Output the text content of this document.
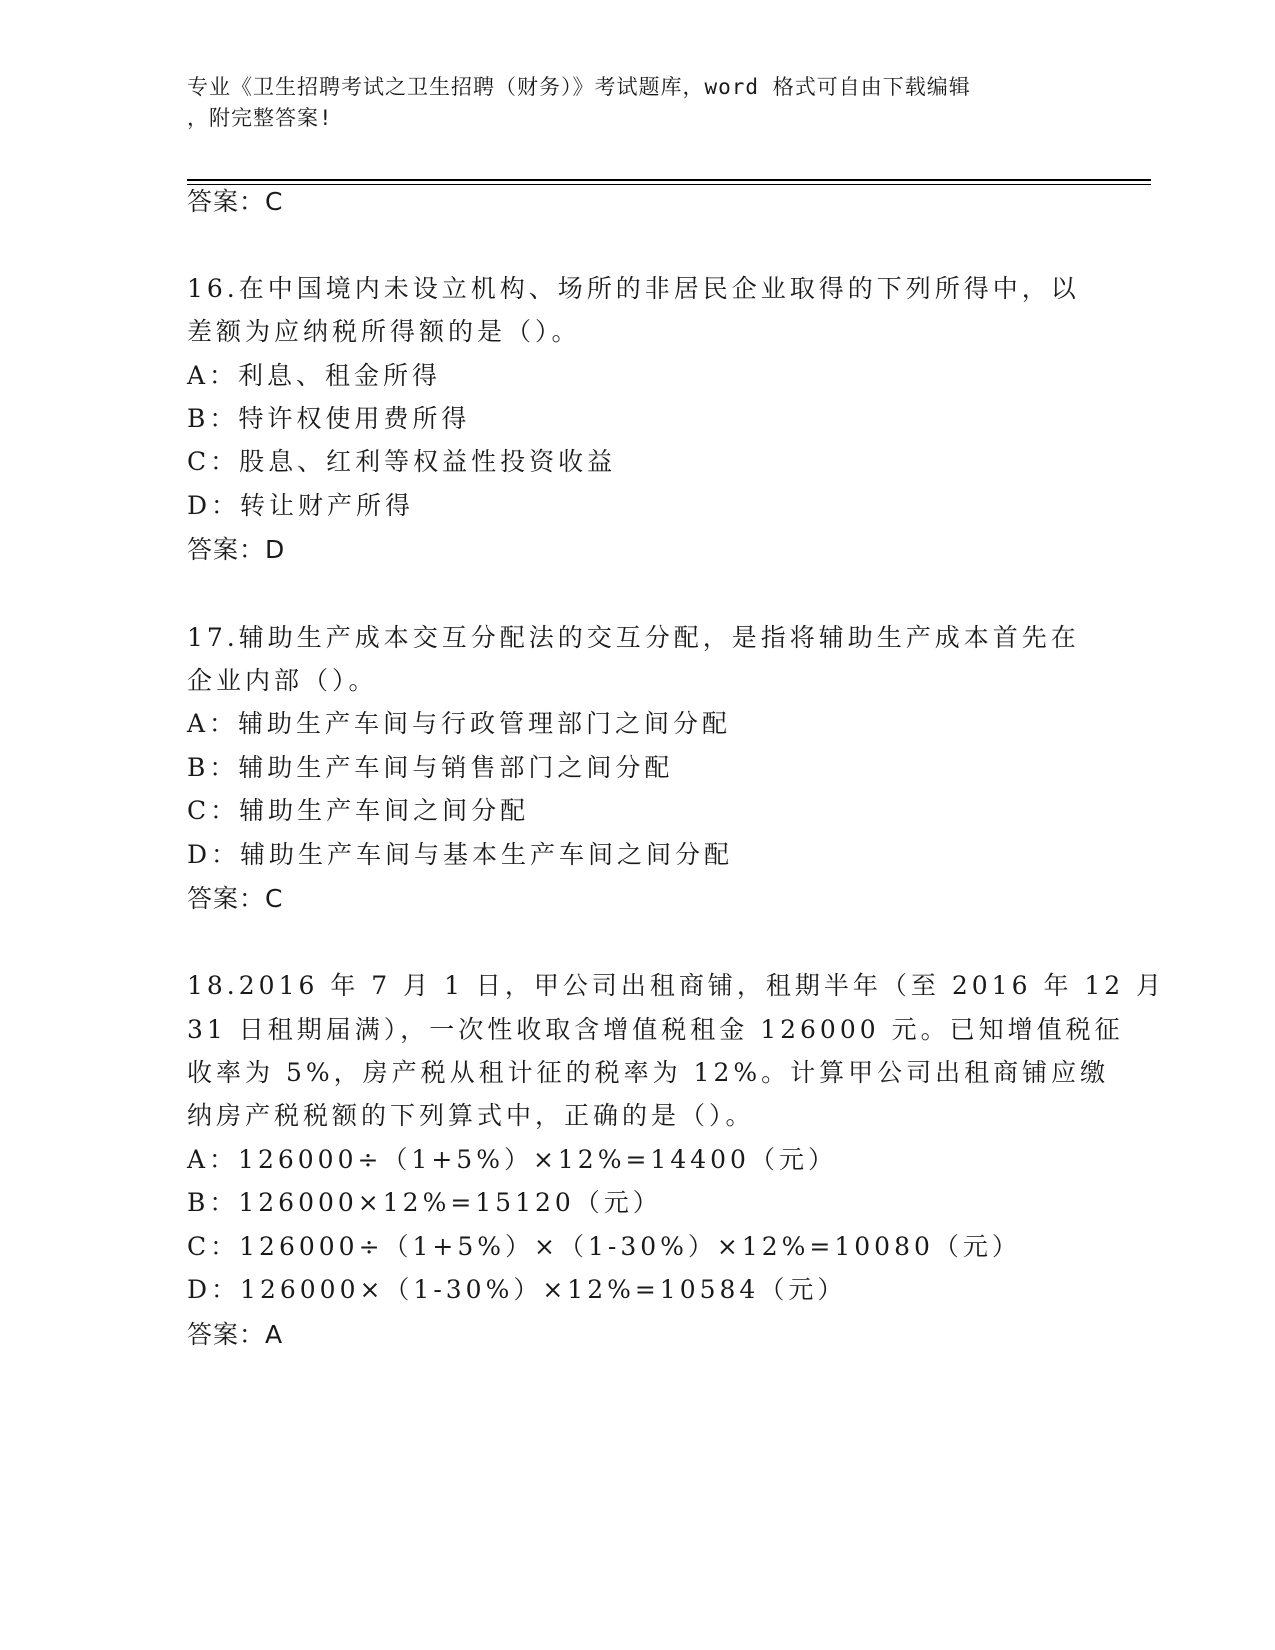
专业《卫生招聘考试之卫生招聘（财务）》考试题库，word 格式可自由下载编辑
，附完整答案!
答案：C
16.在中国境内未设立机构、场所的非居民企业取得的下列所得中，以
差额为应纳税所得额的是（）。
A：利息、租金所得
B：特许权使用费所得
C：股息、红利等权益性投资收益
D：转让财产所得
答案：D
17.辅助生产成本交互分配法的交互分配，是指将辅助生产成本首先在
企业内部（）。
A：辅助生产车间与行政管理部门之间分配
B：辅助生产车间与销售部门之间分配
C：辅助生产车间之间分配
D：辅助生产车间与基本生产车间之间分配
答案：C
18.2016 年 7 月 1 日，甲公司出租商铺，租期半年（至 2016 年 12 月
31 日租期届满），一次性收取含增值税租金 126000 元。已知增值税征
收率为 5%，房产税从租计征的税率为 12%。计算甲公司出租商铺应缴
纳房产税税额的下列算式中，正确的是（）。
A：126000÷（1+5%）×12%=14400（元）
B：126000×12%=15120（元）
C：126000÷（1+5%）×（1-30%）×12%=10080（元）
D：126000×（1-30%）×12%=10584（元）
答案：A
